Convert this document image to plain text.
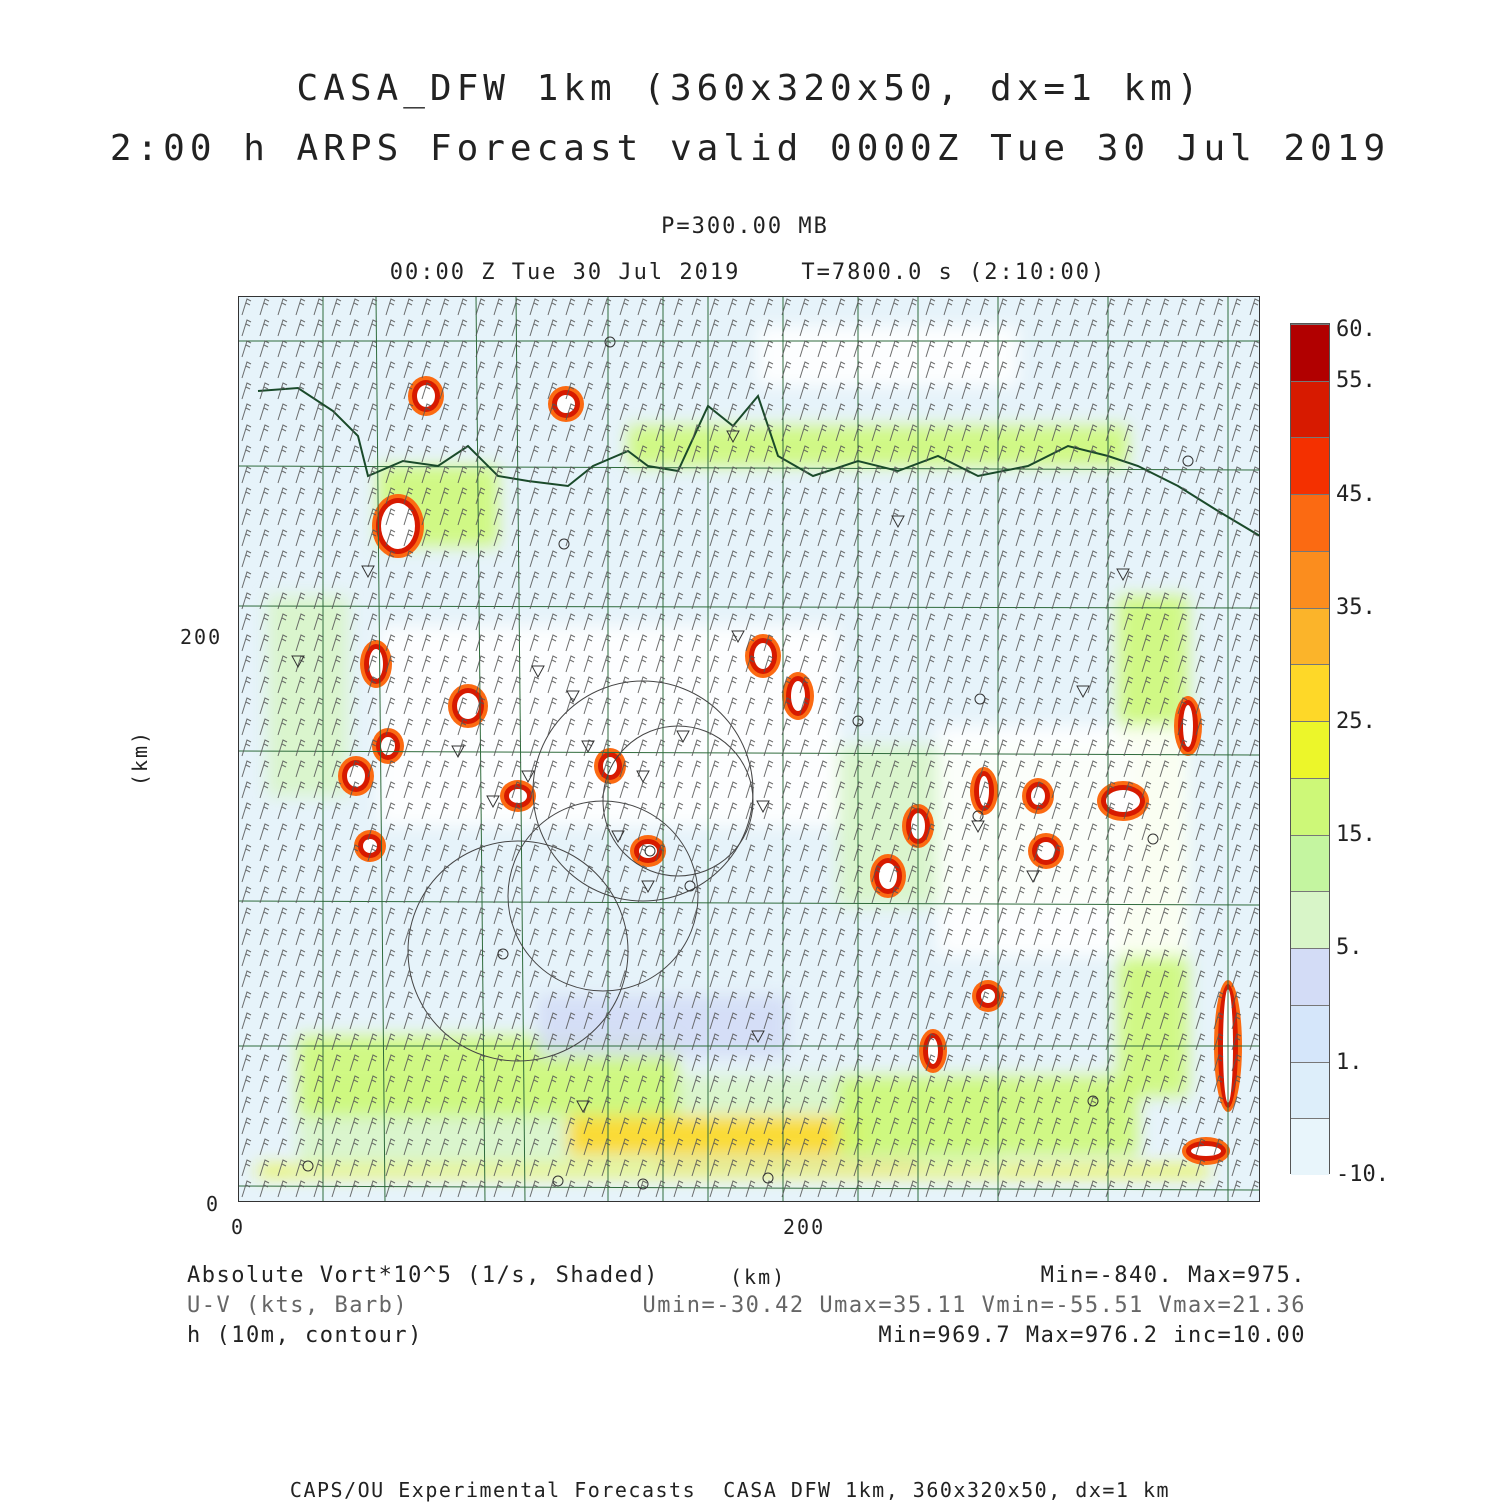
CASA_DFW 1km (360x320x50, dx=1 km)
2:00 h ARPS Forecast valid 0000Z Tue 30 Jul 2019
P=300.00 MB
00:00 Z Tue 30 Jul 2019    T=7800.0 s (2:10:00)
200
0
0	200
(km)
(km)
60.
55.
45.
35.
25.
15.
5.
1.
-10.
Absolute Vort*10^5 (1/s, Shaded)	Min=-840. Max=975.
U-V (kts, Barb)	Umin=-30.42 Umax=35.11 Vmin=-55.51 Vmax=21.36
h (10m, contour)	Min=969.7 Max=976.2 inc=10.00
CAPS/OU Experimental Forecasts  CASA DFW 1km, 360x320x50, dx=1 km
